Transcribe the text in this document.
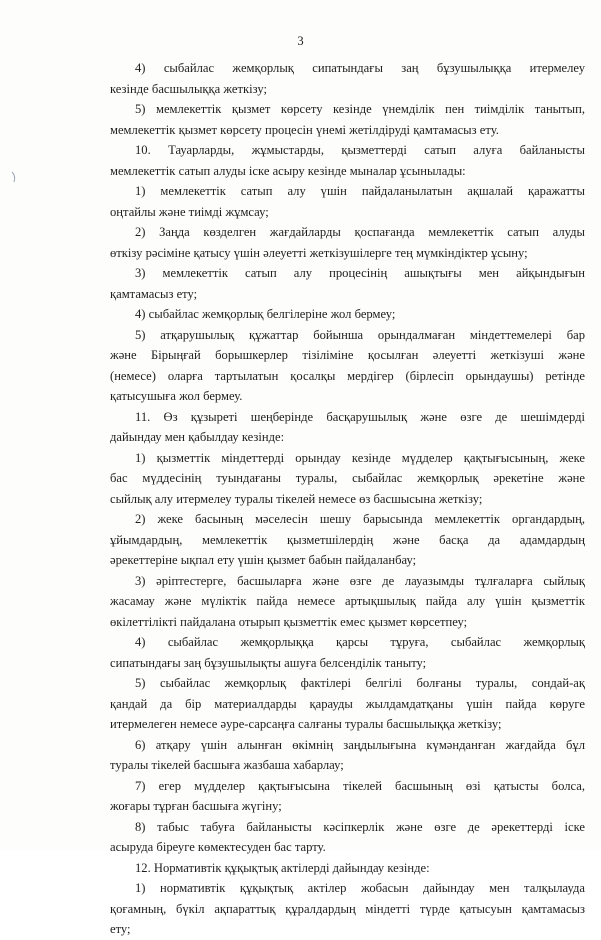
3
4) сыбайлас жемқорлық сипатындағы заң бұзушылыққа итермелеу
кезінде басшылыққа жеткізу;
5) мемлекеттік қызмет көрсету кезінде үнемділік пен тиімділік танытып,
мемлекеттік қызмет көрсету процесін үнемі жетілдіруді қамтамасыз ету.
10. Тауарларды, жұмыстарды, қызметтерді сатып алуға байланысты
мемлекеттік сатып алуды іске асыру кезінде мыналар ұсынылады:
1) мемлекеттік сатып алу үшін пайдаланылатын ақшалай қаражатты
оңтайлы және тиімді жұмсау;
2) Заңда көзделген жағдайларды қоспағанда мемлекеттік сатып алуды
өткізу рәсіміне қатысу үшін әлеуетті жеткізушілерге тең мүмкіндіктер ұсыну;
3) мемлекеттік сатып алу процесінің ашықтығы мен айқындығын
қамтамасыз ету;
4) сыбайлас жемқорлық белгілеріне жол бермеу;
5) атқарушылық құжаттар бойынша орындалмаған міндеттемелері бар
және Бірыңғай борышкерлер тізіліміне қосылған әлеуетті жеткізуші және
(немесе) оларға тартылатын қосалқы мердігер (бірлесіп орындаушы) ретінде
қатысушыға жол бермеу.
11. Өз құзыреті шеңберінде басқарушылық және өзге де шешімдерді
дайындау мен қабылдау кезінде:
1) қызметтік міндеттерді орындау кезінде мүдделер қақтығысының, жеке
бас мүддесінің туындағаны туралы, сыбайлас жемқорлық әрекетіне және
сыйлық алу итермелеу туралы тікелей немесе өз басшысына жеткізу;
2) жеке басының мәселесін шешу барысында мемлекеттік органдардың,
ұйымдардың, мемлекеттік қызметшілердің және басқа да адамдардың
әрекеттеріне ықпал ету үшін қызмет бабын пайдаланбау;
3) әріптестерге, басшыларға және өзге де лауазымды тұлғаларға сыйлық
жасамау және мүліктік пайда немесе артықшылық пайда алу үшін қызметтік
өкілеттілікті пайдалана отырып қызметтік емес қызмет көрсетпеу;
4) сыбайлас жемқорлыққа қарсы тұруға, сыбайлас жемқорлық
сипатындағы заң бұзушылықты ашуға белсенділік таныту;
5) сыбайлас жемқорлық фактілері белгілі болғаны туралы, сондай-ақ
қандай да бір материалдарды қарауды жылдамдатқаны үшін пайда көруге
итермелеген немесе әуре-сарсаңға салғаны туралы басшылыққа жеткізу;
6) атқару үшін алынған өкімнің заңдылығына күмәнданған жағдайда бұл
туралы тікелей басшыға жазбаша хабарлау;
7) егер мүдделер қақтығысына тікелей басшының өзі қатысты болса,
жоғары тұрған басшыға жүгіну;
8) табыс табуға байланысты кәсіпкерлік және өзге де әрекеттерді іске
асыруда біреуге көмектесуден бас тарту.
12. Нормативтік құқықтық актілерді дайындау кезінде:
1) нормативтік құқықтық актілер жобасын дайындау мен талқылауда
қоғамның, бүкіл ақпараттық құралдардың міндетті түрде қатысуын қамтамасыз
ету;
